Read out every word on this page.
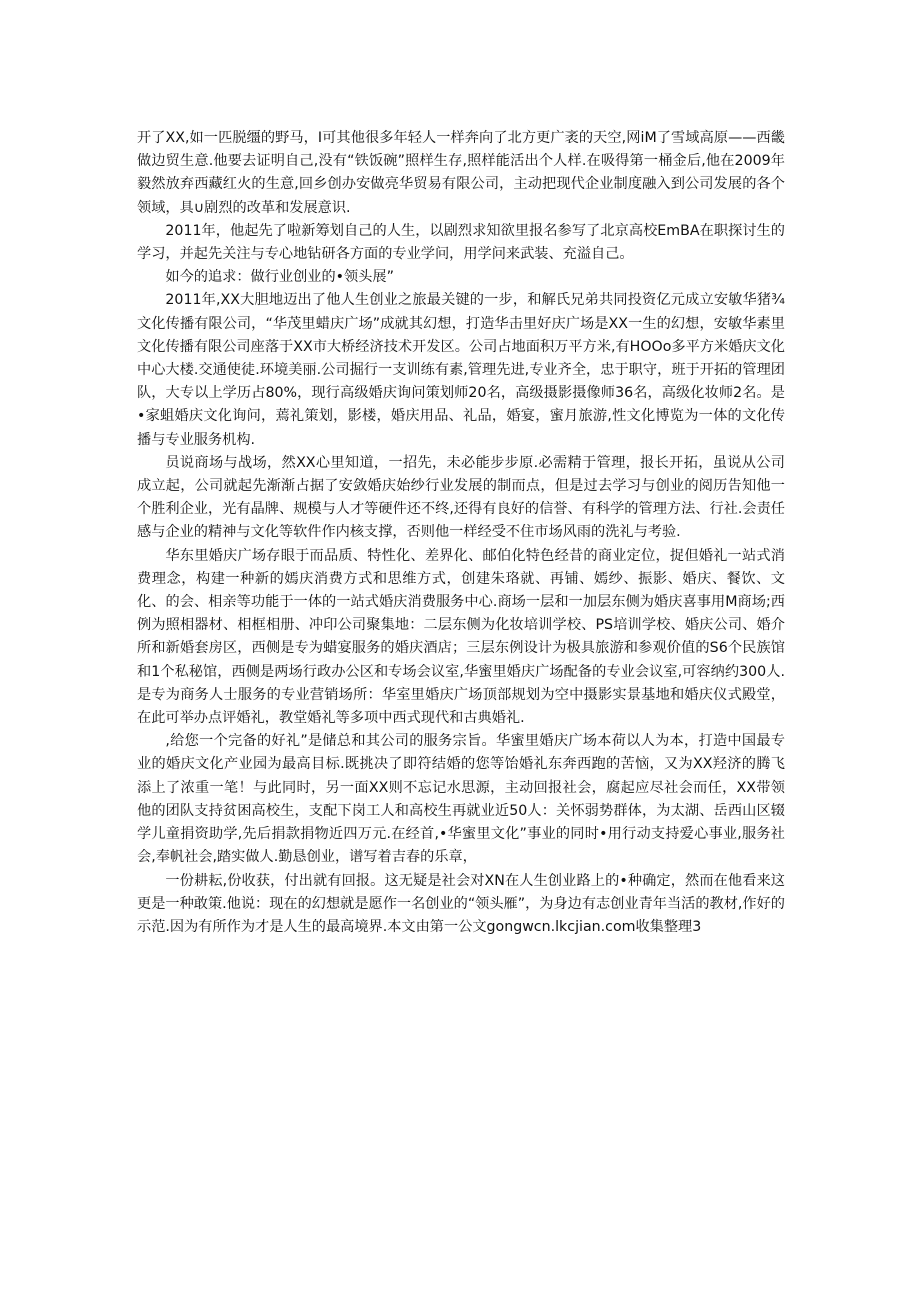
开了XX,如一匹脱缰的野马，I可其他很多年轻人一样奔向了北方更广袤的天空,网iM了雪域高原——西畿做边贸生意.他要去证明自己,没有“铁饭碗”照样生存,照样能活出个人样.在吸得第一桶金后,他在2009年毅然放弃西藏红火的生意,回乡创办安做亮华贸易有限公司，主动把现代企业制度融入到公司发展的各个领域，具∪剧烈的改革和发展意识.

2011年，他起先了啦新筹划自己的人生，以剧烈求知欲里报名参写了北京高校EmBA在职探讨生的学习，并起先关注与专心地钻研各方面的专业学问，用学问来武装、充溢自己。

如今的追求：做行业创业的•领头展”

2011年,XX大胆地迈出了他人生创业之旅最关键的一步，和解氏兄弟共同投资亿元成立安敏华猪¾文化传播有限公司，“华茂里蜡庆广场”成就其幻想，打造华击里好庆广场是XX一生的幻想，安敏华素里文化传播有限公司座落于XX市大桥经济技术开发区。公司占地面积万平方米,有HOOo多平方米婚庆文化中心大楼.交通使徒.环境美丽.公司掘行一支训练有素,管理先进,专业齐全，忠于职守，班于开拓的管理团队，大专以上学历占80%，现行高级婚庆询问策划师20名，高级摄影摄像师36名，高级化妆师2名。是•家蛆婚庆文化询问，蔫礼策划，影楼，婚庆用品、礼品，婚宴，蜜月旅游,性文化博览为一体的文化传播与专业服务机构.

员说商场与战场，然XX心里知道，一招先，未必能步步原.必需精于管理，报长开拓，虽说从公司成立起，公司就起先渐渐占据了安敛婚庆始纱行业发展的制而点，但是过去学习与创业的阅历告知他一个胜利企业，光有晶牌、规模与人才等硬件还不终,还得有良好的信誉、有科学的管理方法、行社.会责任感与企业的精神与文化等软件作内核支撑，否则他一样经受不住市场风雨的洗礼与考验.

华东里婚庆广场存眼于而品质、特性化、差界化、邮伯化特色经昔的商业定位，捉但婚礼一站式消费理念，构建一种新的嫣庆消费方式和思维方式，创建朱珞就、再铺、嫣纱、振影、婚庆、餐饮、文化、的会、相亲等功能于一体的一站式婚庆消费服务中心.商场一层和一加层东侧为婚庆喜事用M商场;西例为照相器材、相框相册、冲印公司聚集地：二层东侧为化妆培训学校、PS培训学校、婚庆公司、婚介所和新婚套房区，西侧是专为蜡宴服务的婚庆酒店；三层东例设计为极具旅游和参观价值的S6个民族馆和1个私秘馆，西侧是两场行政办公区和专场会议室,华蜜里婚庆广场配备的专业会议室,可容纳约300人.是专为商务人士服务的专业营销场所：华室里婚庆广场顶部规划为空中摄影实景基地和婚庆仪式殿堂，在此可举办点评婚礼，教堂婚礼等多项中西式现代和古典婚礼.

,给您一个完备的好礼”是储总和其公司的服务宗旨。华蜜里婚庆广场本荷以人为本，打造中国最专业的婚庆文化产业园为最高目标.既挑决了即符结婚的您等饴婚礼东奔西跑的苦恼，又为XX羟济的腾飞添上了浓重一笔！与此同时，另一面XX则不忘记水思源，主动回报社会，腐起应尽社会而任，XX带领他的团队支持贫困高校生，支配下岗工人和高校生再就业近50人：关怀弱势群体，为太湖、岳西山区辍学儿童捐资助学,先后捐款捐物近四万元.在经首,•华蜜里文化”事业的同时•用行动支持爱心事业,服务社会,奉帆社会,踏实做人.勤恳创业，谱写着吉春的乐章，

一份耕耘,份收获，付出就有回报。这无疑是社会对XN在人生创业路上的•种确定，然而在他看来这更是一种敢策.他说：现在的幻想就是愿作一名创业的“领头雁”，为身边有志创业青年当活的教材,作好的示范.因为有所作为才是人生的最高境界.本文由第一公文gongwcn.lkcjian.com收集整理3
